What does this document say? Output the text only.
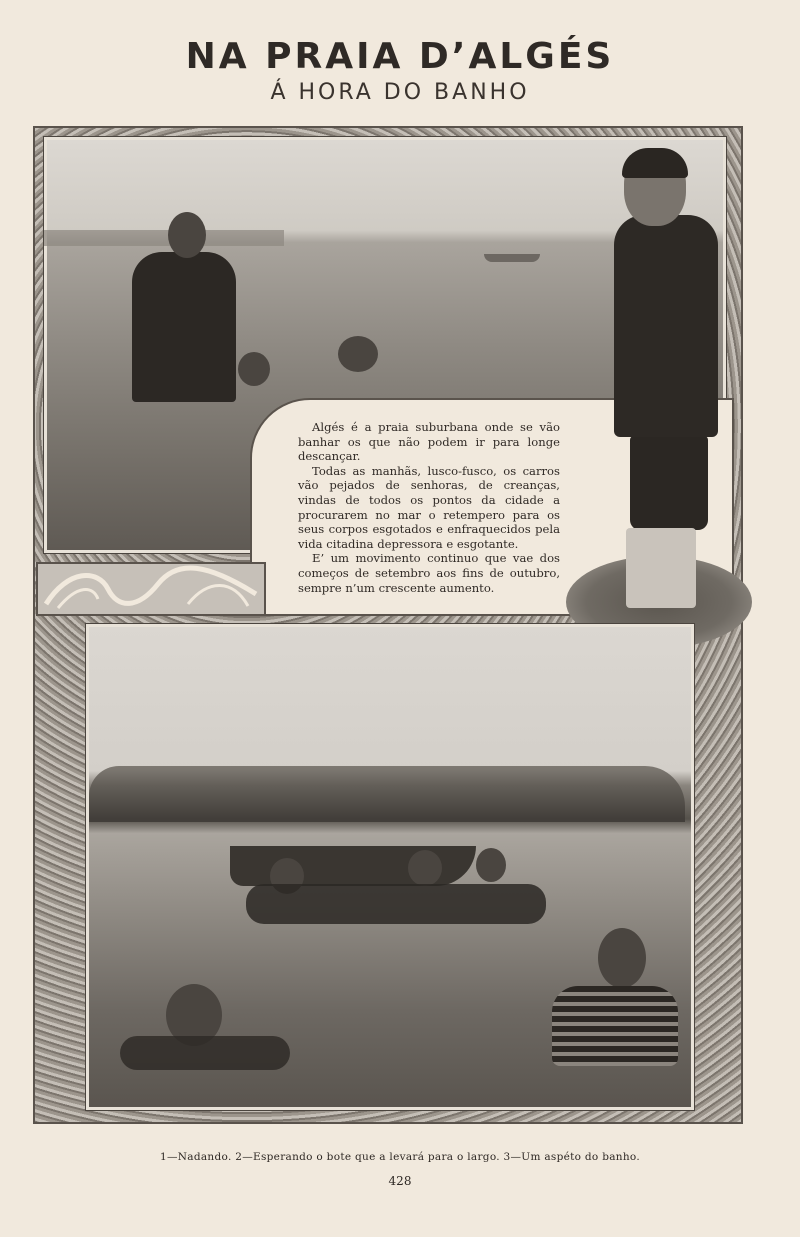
NA PRAIA D’ALGÉS
Á HORA DO BANHO

Algés é a praia suburbana onde se vão banhar os que não podem ir para longe descançar.

Todas as manhãs, lusco-fusco, os carros vão pejados de senhoras, de creanças, vindas de todos os pontos da cidade a procurarem no mar o retempero para os seus corpos esgotados e enfraquecidos pela vida citadina depressora e esgotante.

E’ um movimento continuo que vae dos começos de setembro aos fins de outubro, sempre n’um crescente aumento.

1—Nadando. 2—Esperando o bote que a levará para o largo. 3—Um aspéto do banho.
428
